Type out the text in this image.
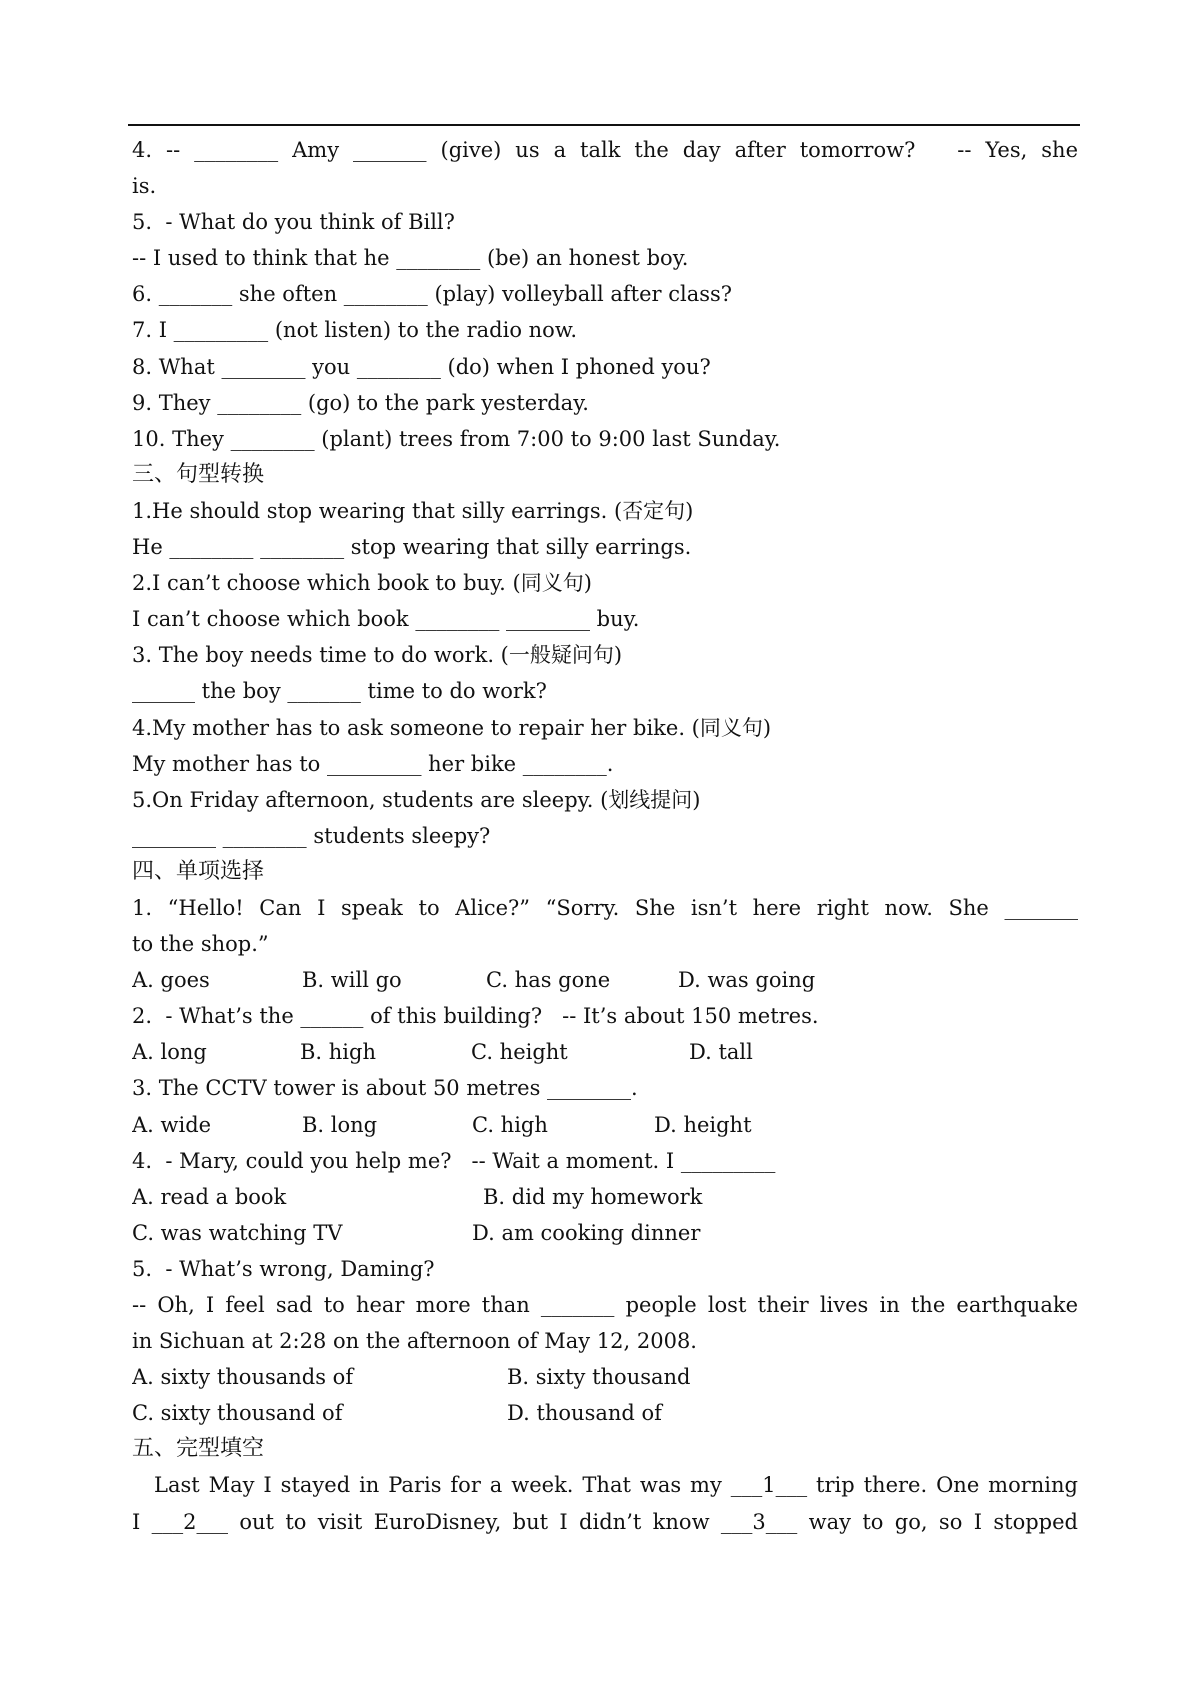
4. -- ________ Amy _______ (give) us a talk the day after tomorrow?   -- Yes, she
is.
5.  - What do you think of Bill?
-- I used to think that he ________ (be) an honest boy.
6. _______ she often ________ (play) volleyball after class?
7. I _________ (not listen) to the radio now.
8. What ________ you ________ (do) when I phoned you?
9. They ________ (go) to the park yesterday.
10. They ________ (plant) trees from 7:00 to 9:00 last Sunday.
三、句型转换
1.He should stop wearing that silly earrings. (否定句)
He ________ ________ stop wearing that silly earrings.
2.I can’t choose which book to buy. (同义句)
I can’t choose which book ________ ________ buy.
3. The boy needs time to do work. (一般疑问句)
______ the boy _______ time to do work?
4.My mother has to ask someone to repair her bike. (同义句)
My mother has to _________ her bike ________.
5.On Friday afternoon, students are sleepy. (划线提问)
________ ________ students sleepy?
四、单项选择
1. “Hello! Can I speak to Alice?” “Sorry. She isn’t here right now. She _______
to the shop.”
A. goes	B. will go	C. has gone	D. was going
2.  - What’s the ______ of this building?   -- It’s about 150 metres.
A. long	B. high	C. height	D. tall
3. The CCTV tower is about 50 metres ________.
A. wide	B. long	C. high	D. height
4.  - Mary, could you help me?   -- Wait a moment. I _________
A. read a book	B. did my homework
C. was watching TV	D. am cooking dinner
5.  - What’s wrong, Daming?
-- Oh, I feel sad to hear more than _______ people lost their lives in the earthquake
in Sichuan at 2:28 on the afternoon of May 12, 2008.
A. sixty thousands of	B. sixty thousand
C. sixty thousand of	D. thousand of
五、完型填空
Last May I stayed in Paris for a week. That was my ___1___ trip there. One morning
I ___2___ out to visit EuroDisney, but I didn’t know ___3___ way to go, so I stopped
